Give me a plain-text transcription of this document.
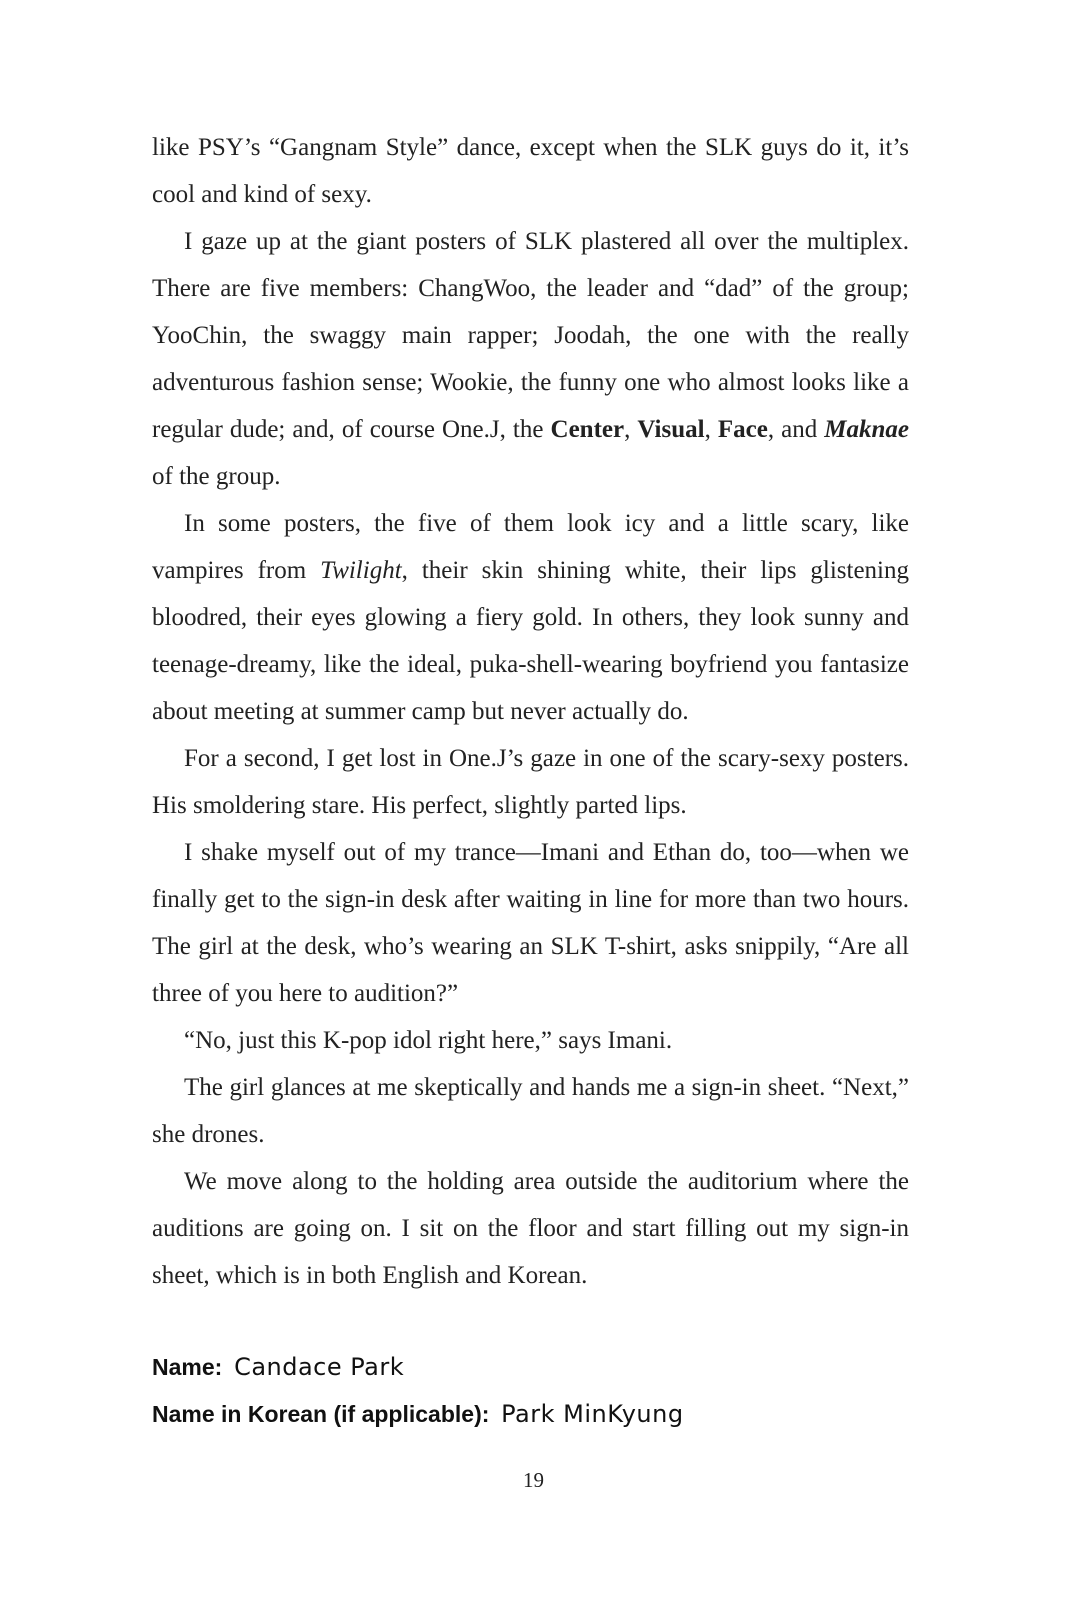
like PSY’s “Gangnam Style” dance, except when the SLK guys do it, it’s cool and kind of sexy.

I gaze up at the giant posters of SLK plastered all over the multiplex. There are five members: ChangWoo, the leader and “dad” of the group; YooChin, the swaggy main rapper; Joodah, the one with the really adventurous fashion sense; Wookie, the funny one who almost looks like a regular dude; and, of course One.J, the Center, Visual, Face, and Maknae of the group.

In some posters, the five of them look icy and a little scary, like vampires from Twilight, their skin shining white, their lips glistening bloodred, their eyes glowing a fiery gold. In others, they look sunny and teenage-dreamy, like the ideal, puka-shell-wearing boyfriend you fantasize about meeting at summer camp but never actually do.

For a second, I get lost in One.J’s gaze in one of the scary-sexy posters. His smoldering stare. His perfect, slightly parted lips.

I shake myself out of my trance—Imani and Ethan do, too—when we finally get to the sign-in desk after waiting in line for more than two hours. The girl at the desk, who’s wearing an SLK T-shirt, asks snippily, “Are all three of you here to audition?”

“No, just this K-pop idol right here,” says Imani.

The girl glances at me skeptically and hands me a sign-in sheet. “Next,” she drones.

We move along to the holding area outside the auditorium where the auditions are going on. I sit on the floor and start filling out my sign-in sheet, which is in both English and Korean.

Name: Candace Park
Name in Korean (if applicable): Park MinKyung
19
